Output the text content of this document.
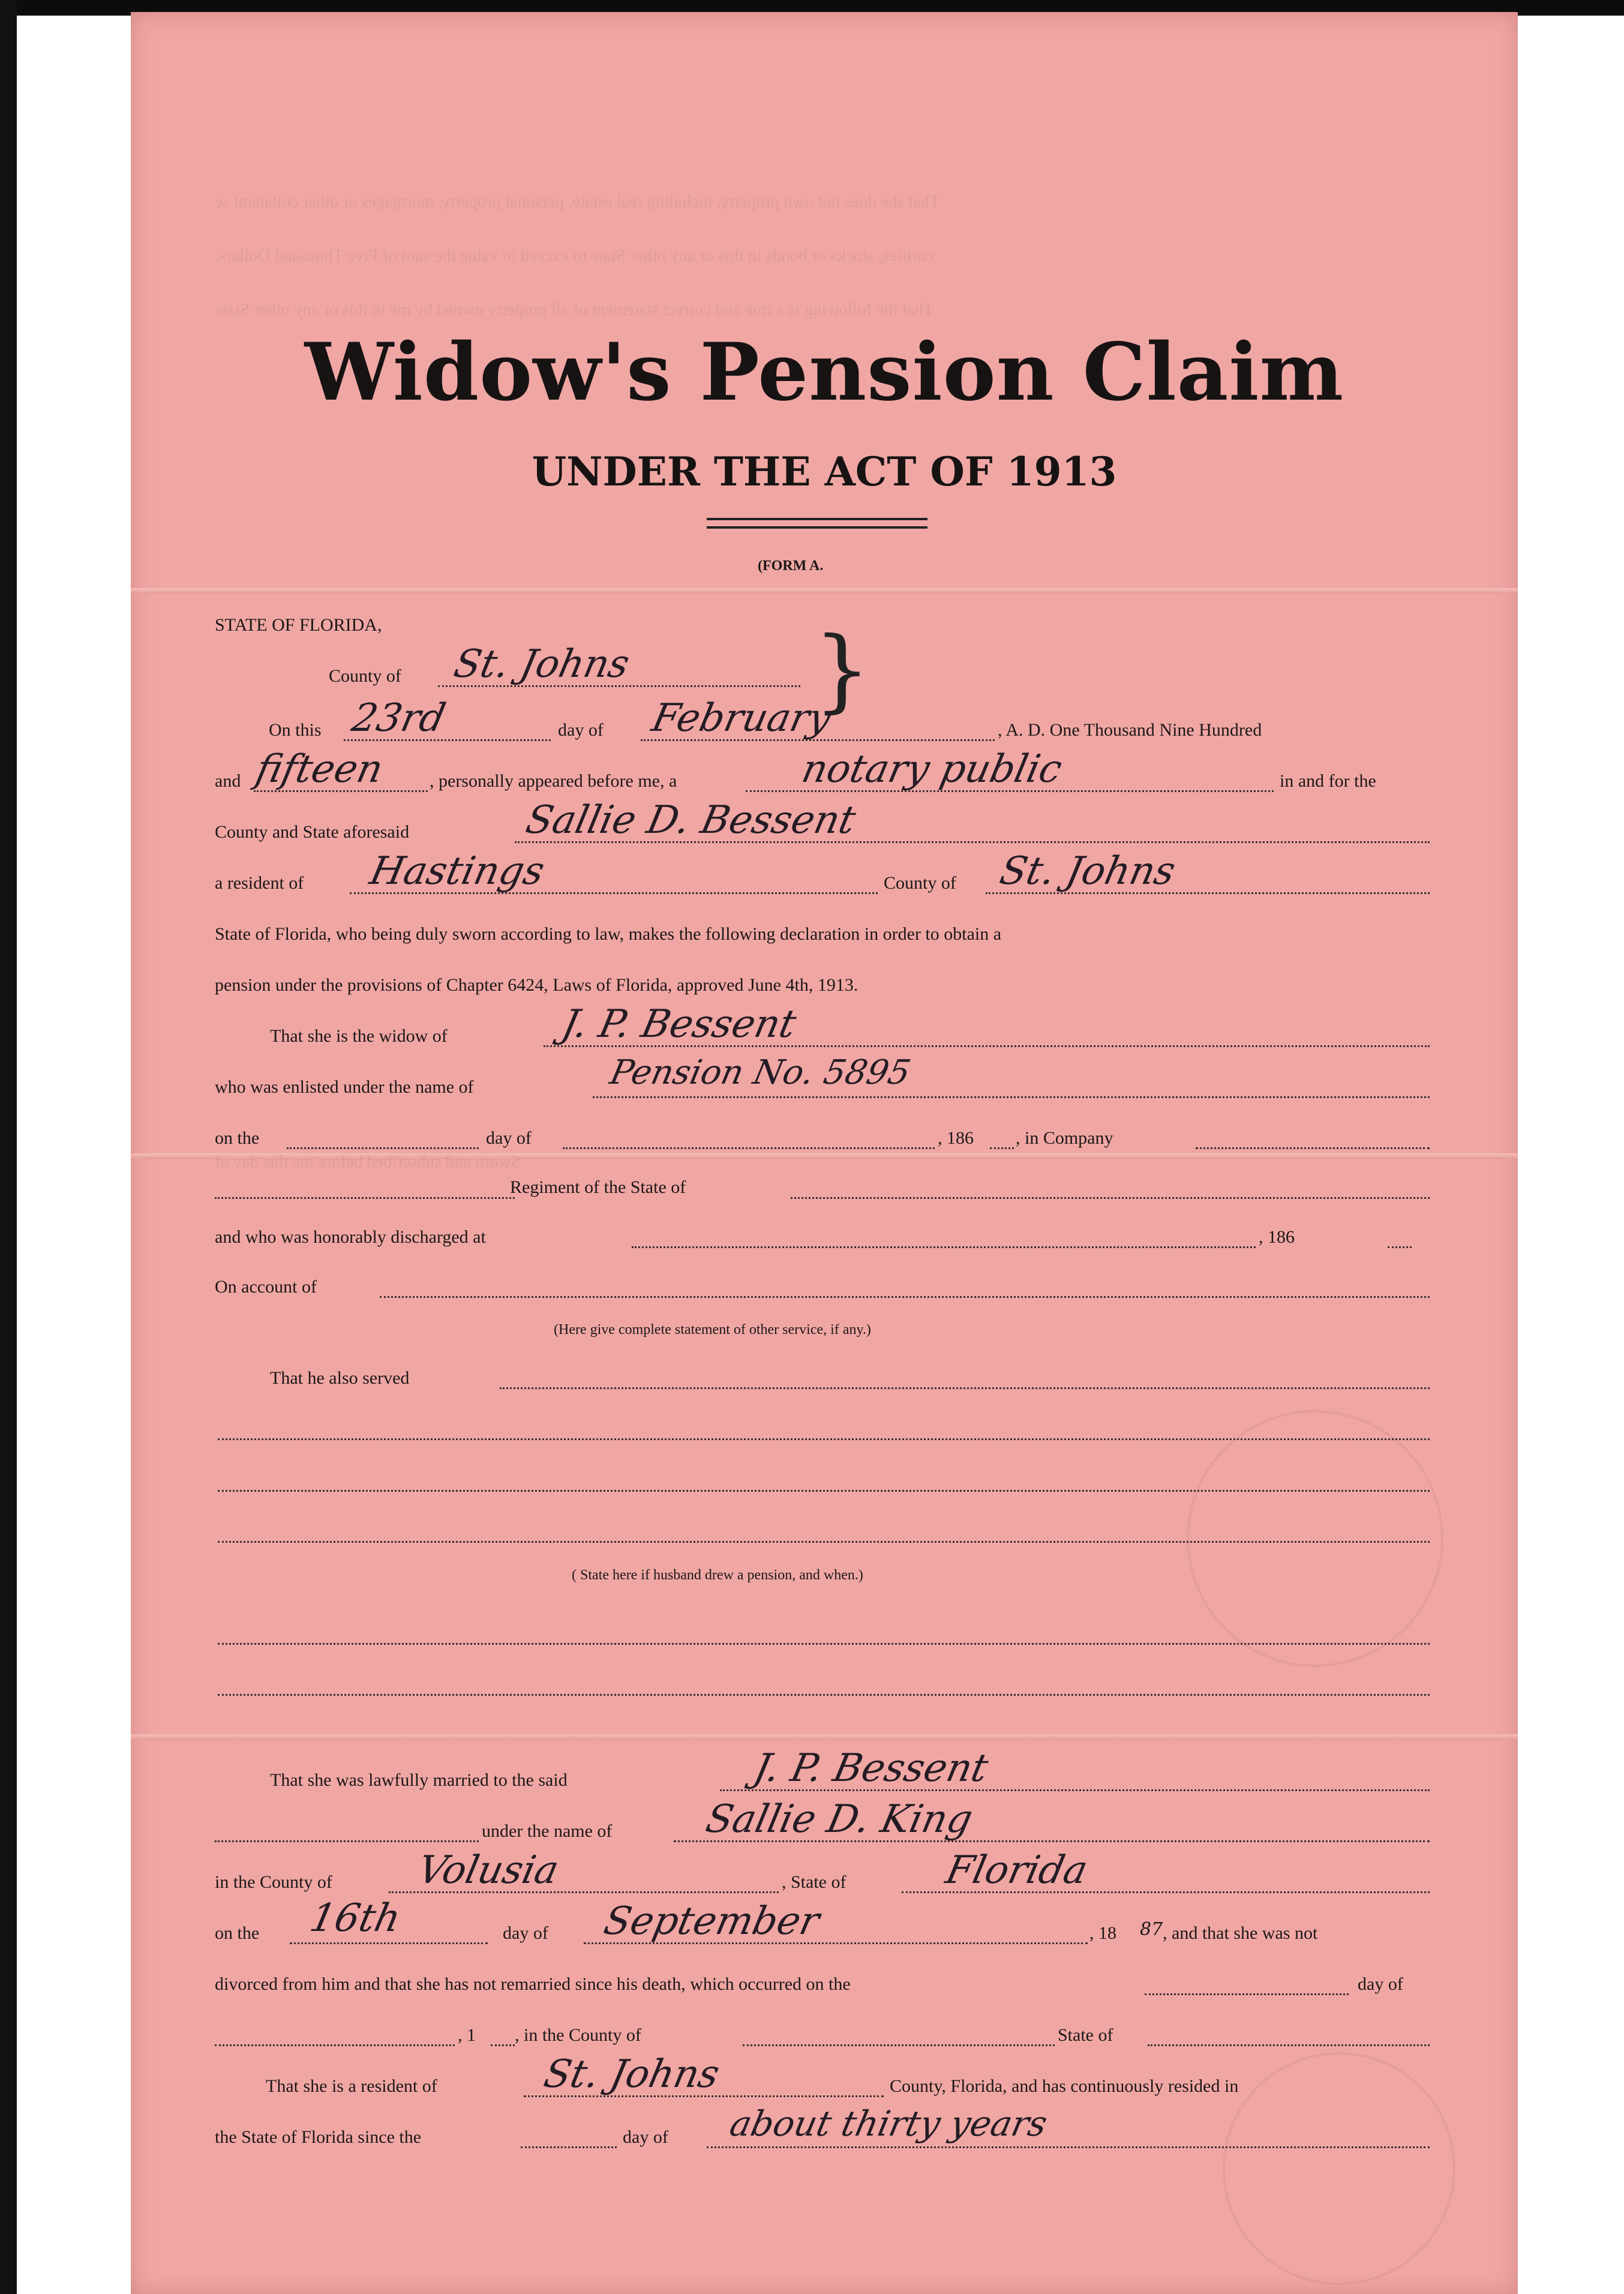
That she does not own property, including real estate, personal property, mortgages or other collateral se
curities, stocks or bonds in this or any other State to exceed in value the sum of Five Thousand Dollars.
That the following is a true and correct statement of all property owned by me in this or any other State
Sworn and subscribed before me this day of
Widow's Pension Claim
UNDER THE ACT OF 1913
(FORM A.
STATE OF FLORIDA,	}
County of St. Johns
On this 23rd	day of February	, A. D. One Thousand Nine Hundred
and fifteen , personally appeared before me, a	notary public	in and for the
County and State aforesaid	Sallie D. Bessent
a resident of Hastings	County of St. Johns
State of Florida, who being duly sworn according to law, makes the following declaration in order to obtain a
pension under the provisions of Chapter 6424, Laws of Florida, approved June 4th, 1913.
That she is the widow of	J. P. Bessent
who was enlisted under the name of	Pension No. 5895
on the	day of	, 186 , in Company
Regiment of the State of
and who was honorably discharged at	, 186
On account of
(Here give complete statement of other service, if any.)
That he also served
( State here if husband drew a pension, and when.)
That she was lawfully married to the said	J. P. Bessent
under the name of Sallie D. King
in the County of Volusia	, State of Florida
on the 16th	day of September	, 18 87 , and that she was not
divorced from him and that she has not remarried since his death, which occurred on the	day of
, 1 , in the County of	State of
That she is a resident of	St. Johns	County, Florida, and has continuously resided in
the State of Florida since the	day of about thirty years
